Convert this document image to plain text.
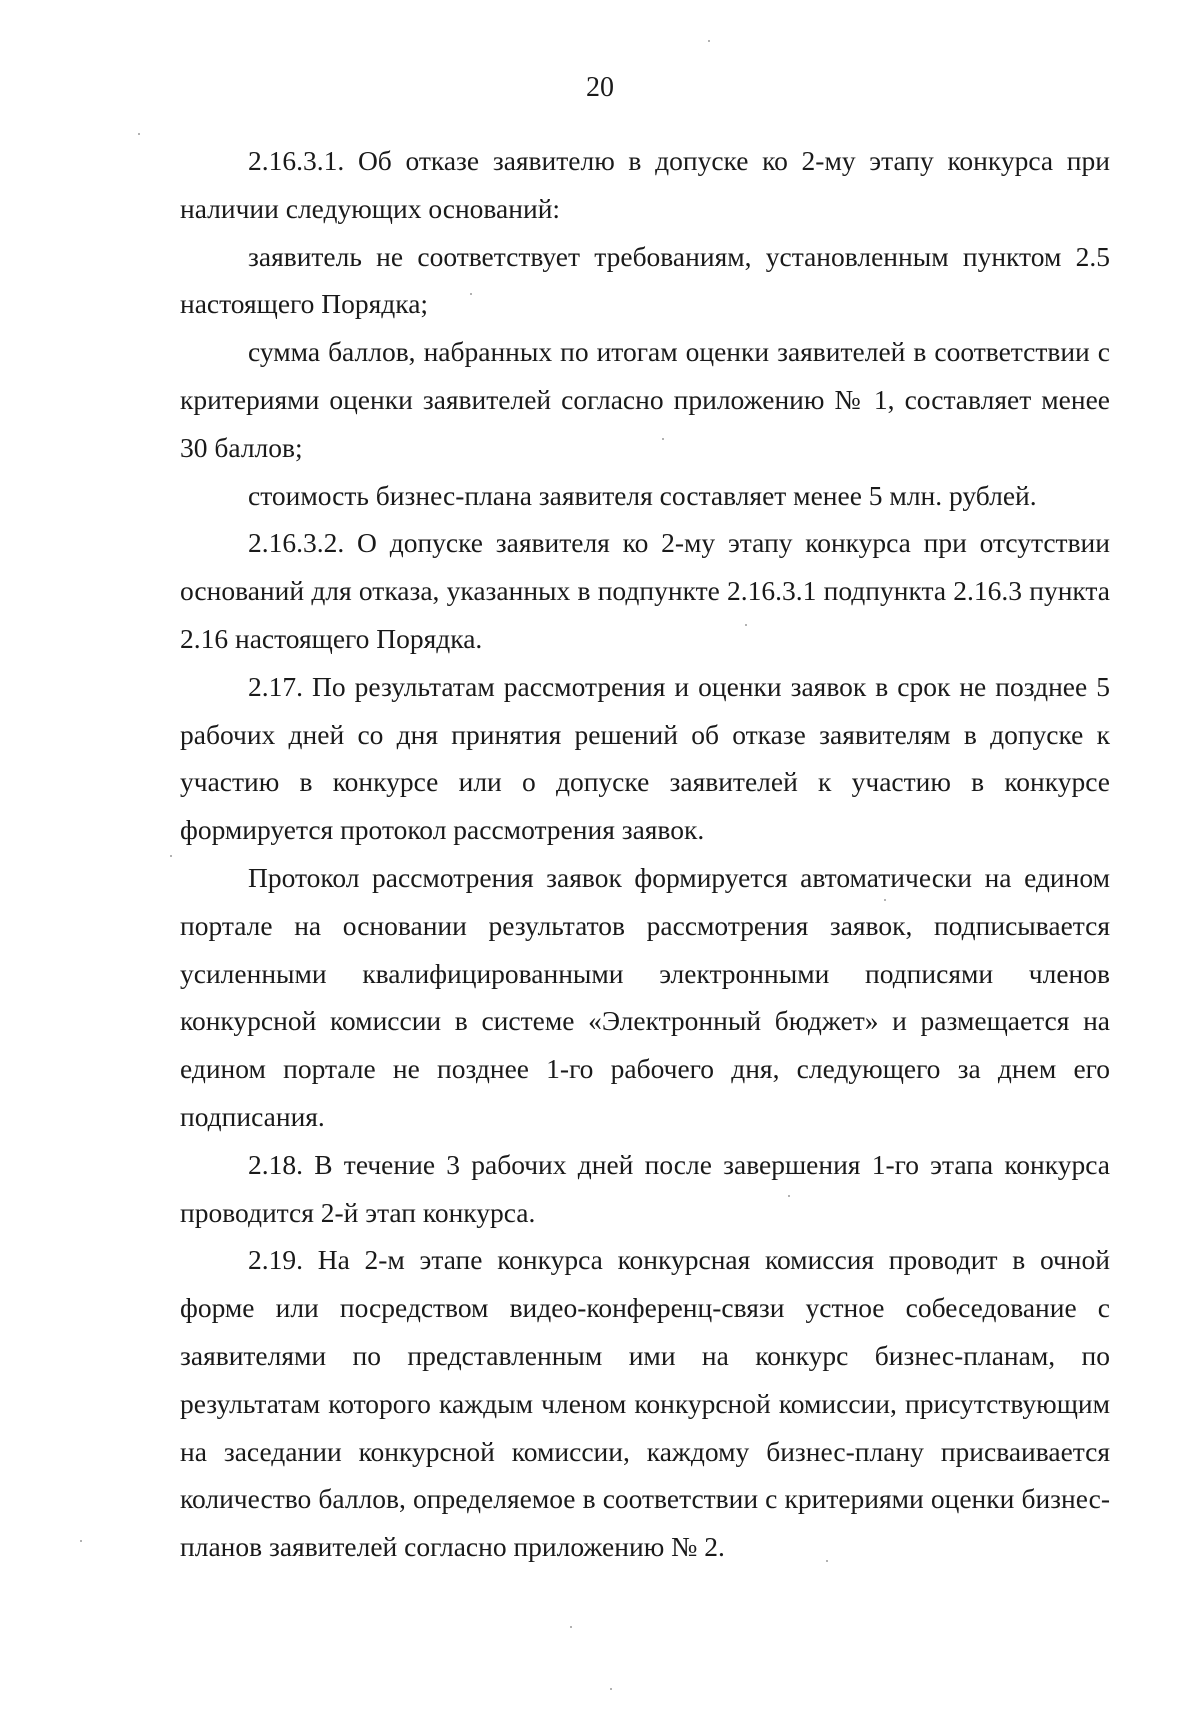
20

2.16.3.1. Об отказе заявителю в допуске ко 2-му этапу конкурса при наличии следующих оснований:

заявитель не соответствует требованиям, установленным пунктом 2.5 настоящего Порядка;

сумма баллов, набранных по итогам оценки заявителей в соответствии с критериями оценки заявителей согласно приложению № 1, составляет менее 30 баллов;

стоимость бизнес-плана заявителя составляет менее 5 млн. рублей.

2.16.3.2. О допуске заявителя ко 2-му этапу конкурса при отсутствии оснований для отказа, указанных в подпункте 2.16.3.1 подпункта 2.16.3 пункта 2.16 настоящего Порядка.

2.17. По результатам рассмотрения и оценки заявок в срок не позднее 5 рабочих дней со дня принятия решений об отказе заявителям в допуске к участию в конкурсе или о допуске заявителей к участию в конкурсе формируется протокол рассмотрения заявок.

Протокол рассмотрения заявок формируется автоматически на едином портале на основании результатов рассмотрения заявок, подписывается усиленными квалифицированными электронными подписями членов конкурсной комиссии в системе «Электронный бюджет» и размещается на едином портале не позднее 1-го рабочего дня, следующего за днем его подписания.

2.18. В течение 3 рабочих дней после завершения 1-го этапа конкурса проводится 2-й этап конкурса.

2.19. На 2-м этапе конкурса конкурсная комиссия проводит в очной форме или посредством видео-конференц-связи устное собеседование с заявителями по представленным ими на конкурс бизнес-планам, по результатам которого каждым членом конкурсной комиссии, присутствующим на заседании конкурсной комиссии, каждому бизнес-плану присваивается количество баллов, определяемое в соответствии с критериями оценки бизнес-планов заявителей согласно приложению № 2.
